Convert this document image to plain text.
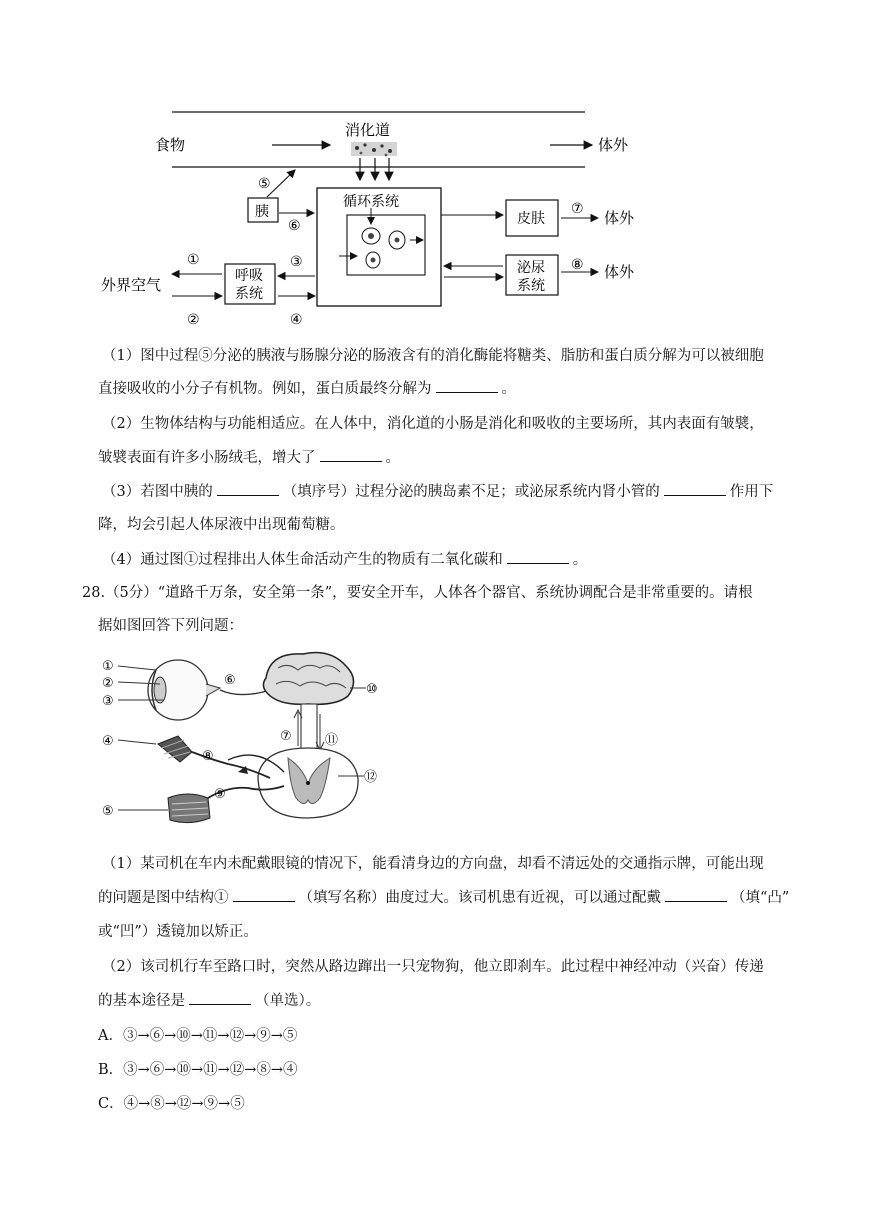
食物
消化道
体外
循环系统
胰
⑤
⑥	皮肤
⑦ 体外
泌尿
系统
⑧ 体外
呼吸
系统
③
④
①
②
外界空气
（1）图中过程⑤分泌的胰液与肠腺分泌的肠液含有的消化酶能将糖类、脂肪和蛋白质分解为可以被细胞
直接吸收的小分子有机物。例如，蛋白质最终分解为	。
（2）生物体结构与功能相适应。在人体中，消化道的小肠是消化和吸收的主要场所，其内表面有皱襞，
皱襞表面有许多小肠绒毛，增大了	。
（3）若图中胰的	（填序号）过程分泌的胰岛素不足；或泌尿系统内肾小管的	作用下
降，均会引起人体尿液中出现葡萄糖。
（4）通过图①过程排出人体生命活动产生的物质有二氧化碳和	。
28.（5分）“道路千万条，安全第一条”，要安全开车，人体各个器官、系统协调配合是非常重要的。请根
据如图回答下列问题：
①
②
③
⑥
⑩
⑦	⑪
④
⑧
⑫
⑨
⑤
（1）某司机在车内未配戴眼镜的情况下，能看清身边的方向盘，却看不清远处的交通指示牌，可能出现
的问题是图中结构①	（填写名称）曲度过大。该司机患有近视，可以通过配戴	（填“凸”
或“凹”）透镜加以矫正。
（2）该司机行车至路口时，突然从路边蹿出一只宠物狗，他立即刹车。此过程中神经冲动（兴奋）传递
的基本途径是	（单选）。
A．③→⑥→⑩→⑪→⑫→⑨→⑤
B．③→⑥→⑩→⑪→⑫→⑧→④
C．④→⑧→⑫→⑨→⑤
